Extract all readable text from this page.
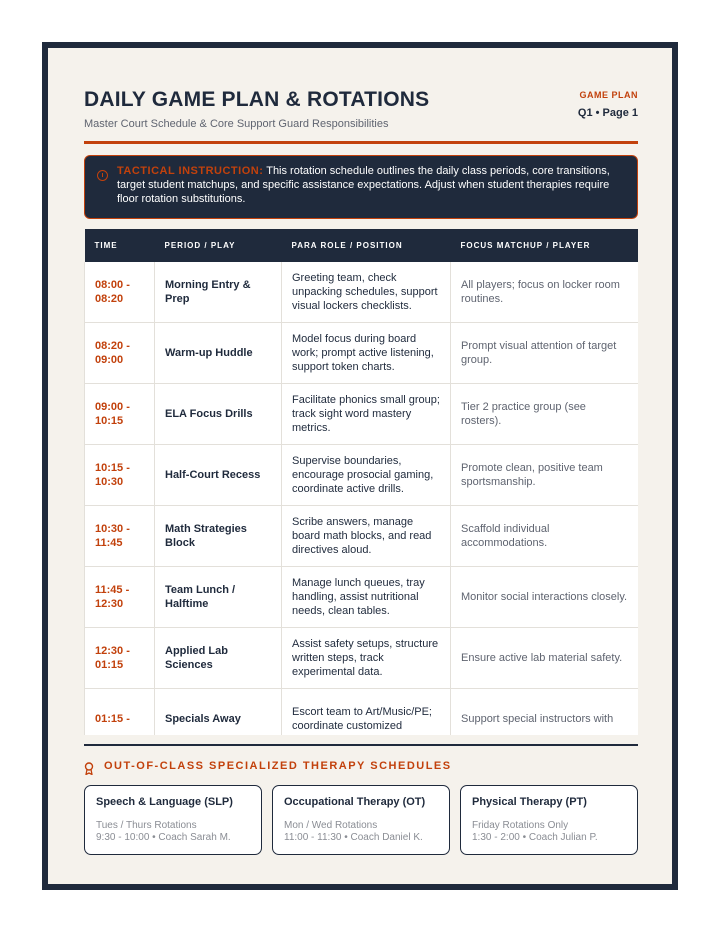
DAILY GAME PLAN & ROTATIONS
Master Court Schedule & Core Support Guard Responsibilities
GAME PLAN
Q1 • Page 1
TACTICAL INSTRUCTION: This rotation schedule outlines the daily class periods, core transitions, target student matchups, and specific assistance expectations. Adjust when student therapies require floor rotation substitutions.
TIME	PERIOD / PLAY	PARA ROLE / POSITION	FOCUS MATCHUP / PLAYER
08:00 - 08:20	Morning Entry & Prep	Greeting team, check unpacking schedules, support visual lockers checklists.	All players; focus on locker room routines.
08:20 - 09:00	Warm-up Huddle	Model focus during board work; prompt active listening, support token charts.	Prompt visual attention of target group.
09:00 - 10:15	ELA Focus Drills	Facilitate phonics small group; track sight word mastery metrics.	Tier 2 practice group (see rosters).
10:15 - 10:30	Half-Court Recess	Supervise boundaries, encourage prosocial gaming, coordinate active drills.	Promote clean, positive team sportsmanship.
10:30 - 11:45	Math Strategies Block	Scribe answers, manage board math blocks, and read directives aloud.	Scaffold individual accommodations.
11:45 - 12:30	Team Lunch / Halftime	Manage lunch queues, tray handling, assist nutritional needs, clean tables.	Monitor social interactions closely.
12:30 - 01:15	Applied Lab Sciences	Assist safety setups, structure written steps, track experimental data.	Ensure active lab material safety.
01:15 -	Specials Away	Escort team to Art/Music/PE; coordinate customized	Support special instructors with
OUT-OF-CLASS SPECIALIZED THERAPY SCHEDULES
Speech & Language (SLP)
Tues / Thurs Rotations
9:30 - 10:00 • Coach Sarah M.
Occupational Therapy (OT)
Mon / Wed Rotations
11:00 - 11:30 • Coach Daniel K.
Physical Therapy (PT)
Friday Rotations Only
1:30 - 2:00 • Coach Julian P.
